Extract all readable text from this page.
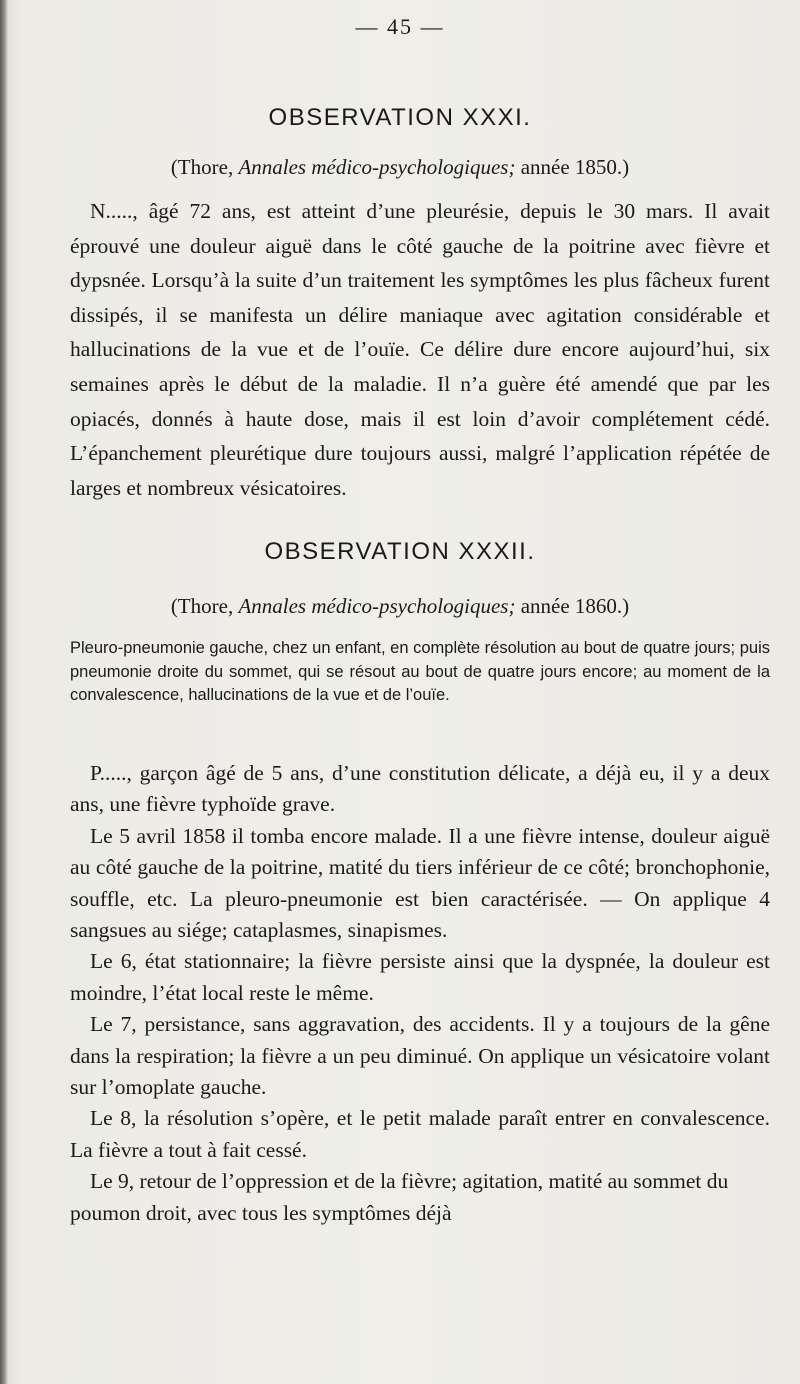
— 45 —
OBSERVATION XXXI.
(Thore, Annales médico-psychologiques; année 1850.)

N....., âgé 72 ans, est atteint d’une pleurésie, depuis le 30 mars. Il avait éprouvé une douleur aiguë dans le côté gauche de la poitrine avec fièvre et dypsnée. Lorsqu’à la suite d’un traitement les symptômes les plus fâcheux furent dissipés, il se manifesta un délire maniaque avec agitation considérable et hallucinations de la vue et de l’ouïe. Ce délire dure encore aujourd’hui, six semaines après le début de la maladie. Il n’a guère été amendé que par les opiacés, donnés à haute dose, mais il est loin d’avoir complétement cédé. L’épanchement pleurétique dure toujours aussi, malgré l’application répétée de larges et nombreux vésicatoires.

OBSERVATION XXXII.
(Thore, Annales médico-psychologiques; année 1860.)

Pleuro-pneumonie gauche, chez un enfant, en complète résolution au bout de quatre jours; puis pneumonie droite du sommet, qui se résout au bout de quatre jours encore; au moment de la convalescence, hallucinations de la vue et de l’ouïe.

P....., garçon âgé de 5 ans, d’une constitution délicate, a déjà eu, il y a deux ans, une fièvre typhoïde grave.

Le 5 avril 1858 il tomba encore malade. Il a une fièvre intense, douleur aiguë au côté gauche de la poitrine, matité du tiers inférieur de ce côté; bronchophonie, souffle, etc. La pleuro-pneumonie est bien caractérisée. — On applique 4 sangsues au siége; cataplasmes, sinapismes.

Le 6, état stationnaire; la fièvre persiste ainsi que la dyspnée, la douleur est moindre, l’état local reste le même.

Le 7, persistance, sans aggravation, des accidents. Il y a toujours de la gêne dans la respiration; la fièvre a un peu diminué. On applique un vésicatoire volant sur l’omoplate gauche.

Le 8, la résolution s’opère, et le petit malade paraît entrer en convalescence. La fièvre a tout à fait cessé.

Le 9, retour de l’oppression et de la fièvre; agitation, matité au sommet du poumon droit, avec tous les symptômes déjà
